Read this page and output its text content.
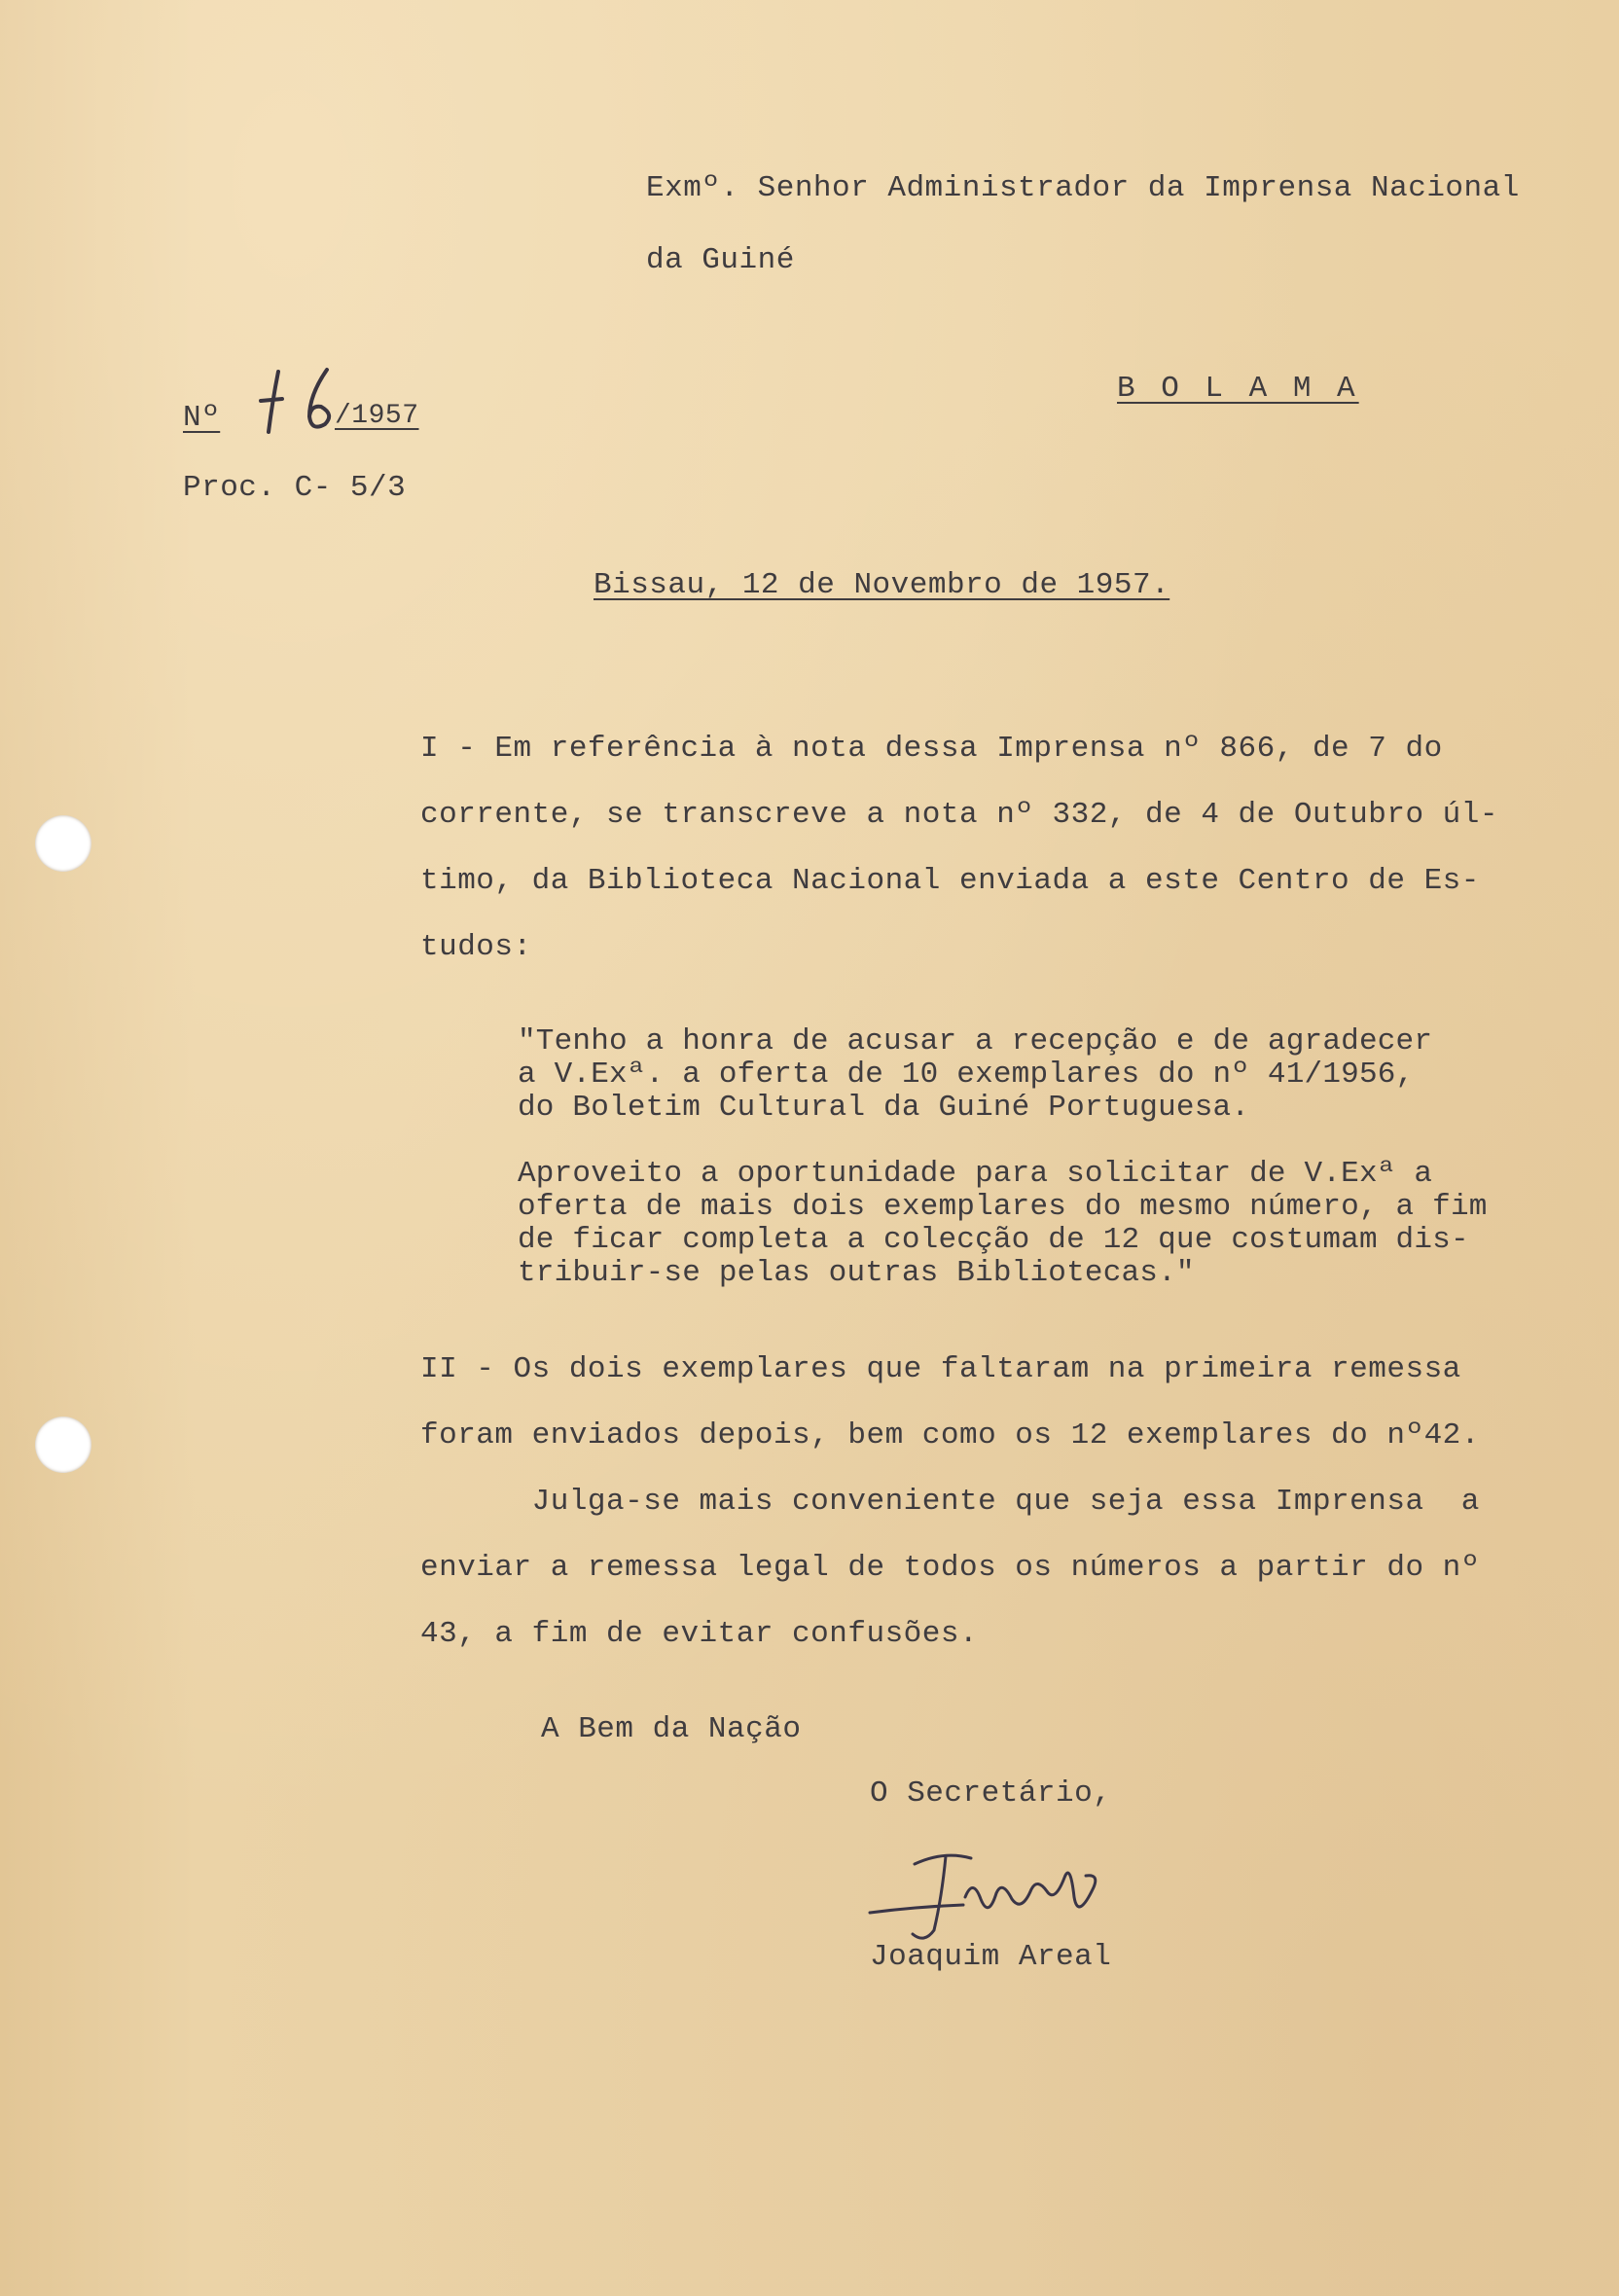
Exmº. Senhor Administrador da Imprensa Nacional
da Guiné
B O L A M A
Nº	/1957
Proc. C- 5/3
Bissau, 12 de Novembro de 1957.
I - Em referência à nota dessa Imprensa nº 866, de 7 do
corrente, se transcreve a nota nº 332, de 4 de Outubro úl-
timo, da Biblioteca Nacional enviada a este Centro de Es-
tudos:
"Tenho a honra de acusar a recepção e de agradecer
a V.Exª. a oferta de 10 exemplares do nº 41/1956,
do Boletim Cultural da Guiné Portuguesa.
Aproveito a oportunidade para solicitar de V.Exª a
oferta de mais dois exemplares do mesmo número, a fim
de ficar completa a colecção de 12 que costumam dis-
tribuir-se pelas outras Bibliotecas."
II - Os dois exemplares que faltaram na primeira remessa
foram enviados depois, bem como os 12 exemplares do nº42.
Julga-se mais conveniente que seja essa Imprensa  a
enviar a remessa legal de todos os números a partir do nº
43, a fim de evitar confusões.
A Bem da Nação
O Secretário,
Joaquim Areal
